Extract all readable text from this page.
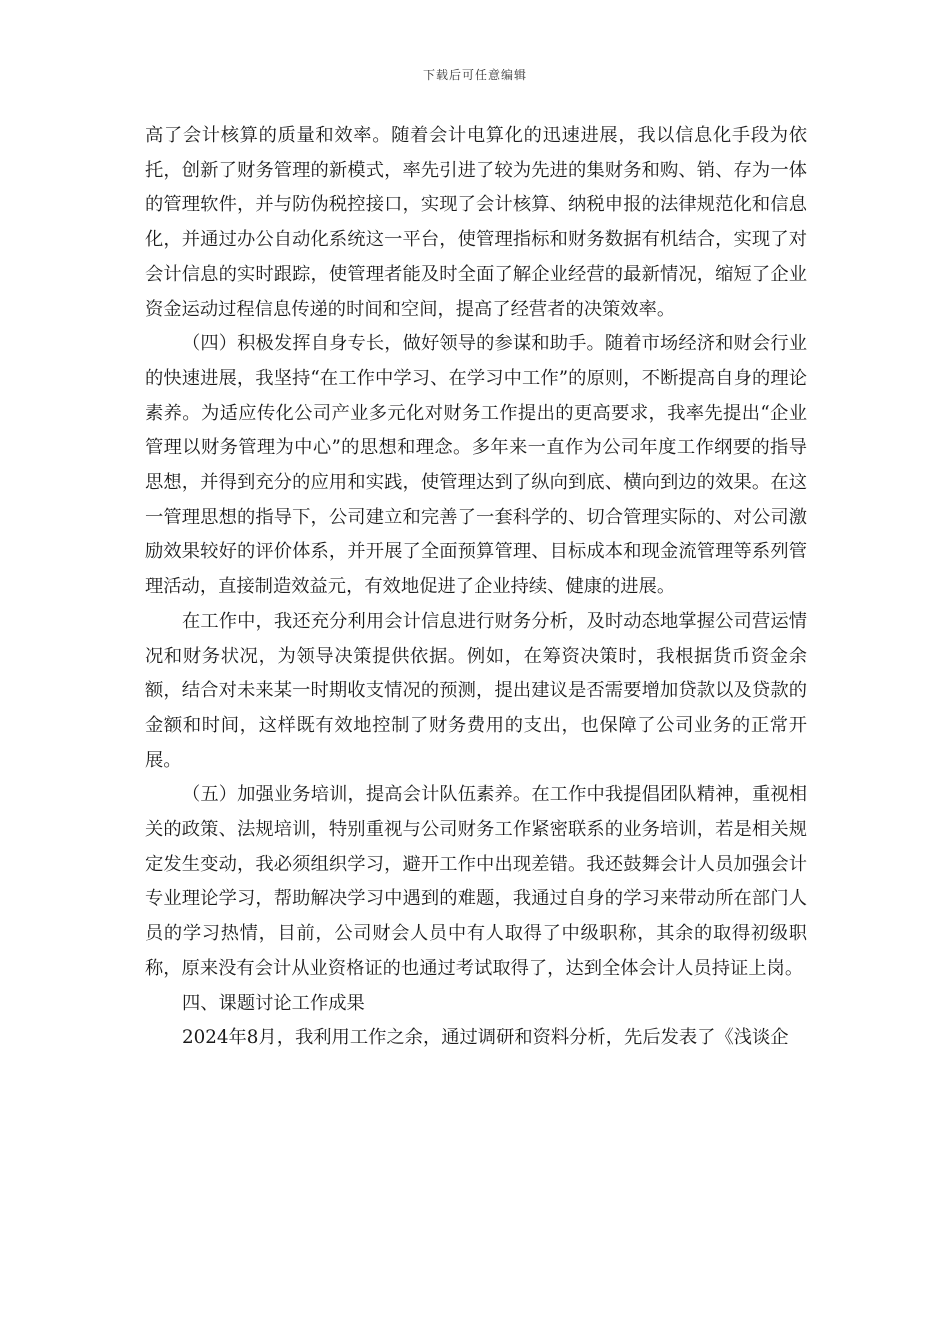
下载后可任意编辑

高了会计核算的质量和效率。随着会计电算化的迅速进展，我以信息化手段为依托，创新了财务管理的新模式，率先引进了较为先进的集财务和购、销、存为一体的管理软件，并与防伪税控接口，实现了会计核算、纳税申报的法律规范化和信息化，并通过办公自动化系统这一平台，使管理指标和财务数据有机结合，实现了对会计信息的实时跟踪，使管理者能及时全面了解企业经营的最新情况，缩短了企业资金运动过程信息传递的时间和空间，提高了经营者的决策效率。

（四）积极发挥自身专长，做好领导的参谋和助手。随着市场经济和财会行业的快速进展，我坚持“在工作中学习、在学习中工作”的原则，不断提高自身的理论素养。为适应传化公司产业多元化对财务工作提出的更高要求，我率先提出“企业管理以财务管理为中心”的思想和理念。多年来一直作为公司年度工作纲要的指导思想，并得到充分的应用和实践，使管理达到了纵向到底、横向到边的效果。在这一管理思想的指导下，公司建立和完善了一套科学的、切合管理实际的、对公司激励效果较好的评价体系，并开展了全面预算管理、目标成本和现金流管理等系列管理活动，直接制造效益元，有效地促进了企业持续、健康的进展。

在工作中，我还充分利用会计信息进行财务分析，及时动态地掌握公司营运情况和财务状况，为领导决策提供依据。例如，在筹资决策时，我根据货币资金余额，结合对未来某一时期收支情况的预测，提出建议是否需要增加贷款以及贷款的金额和时间，这样既有效地控制了财务费用的支出，也保障了公司业务的正常开展。

（五）加强业务培训，提高会计队伍素养。在工作中我提倡团队精神，重视相关的政策、法规培训，特别重视与公司财务工作紧密联系的业务培训，若是相关规定发生变动，我必须组织学习，避开工作中出现差错。我还鼓舞会计人员加强会计专业理论学习，帮助解决学习中遇到的难题，我通过自身的学习来带动所在部门人员的学习热情，目前，公司财会人员中有人取得了中级职称，其余的取得初级职称，原来没有会计从业资格证的也通过考试取得了，达到全体会计人员持证上岗。

四、课题讨论工作成果

2024年8月，我利用工作之余，通过调研和资料分析，先后发表了《浅谈企
